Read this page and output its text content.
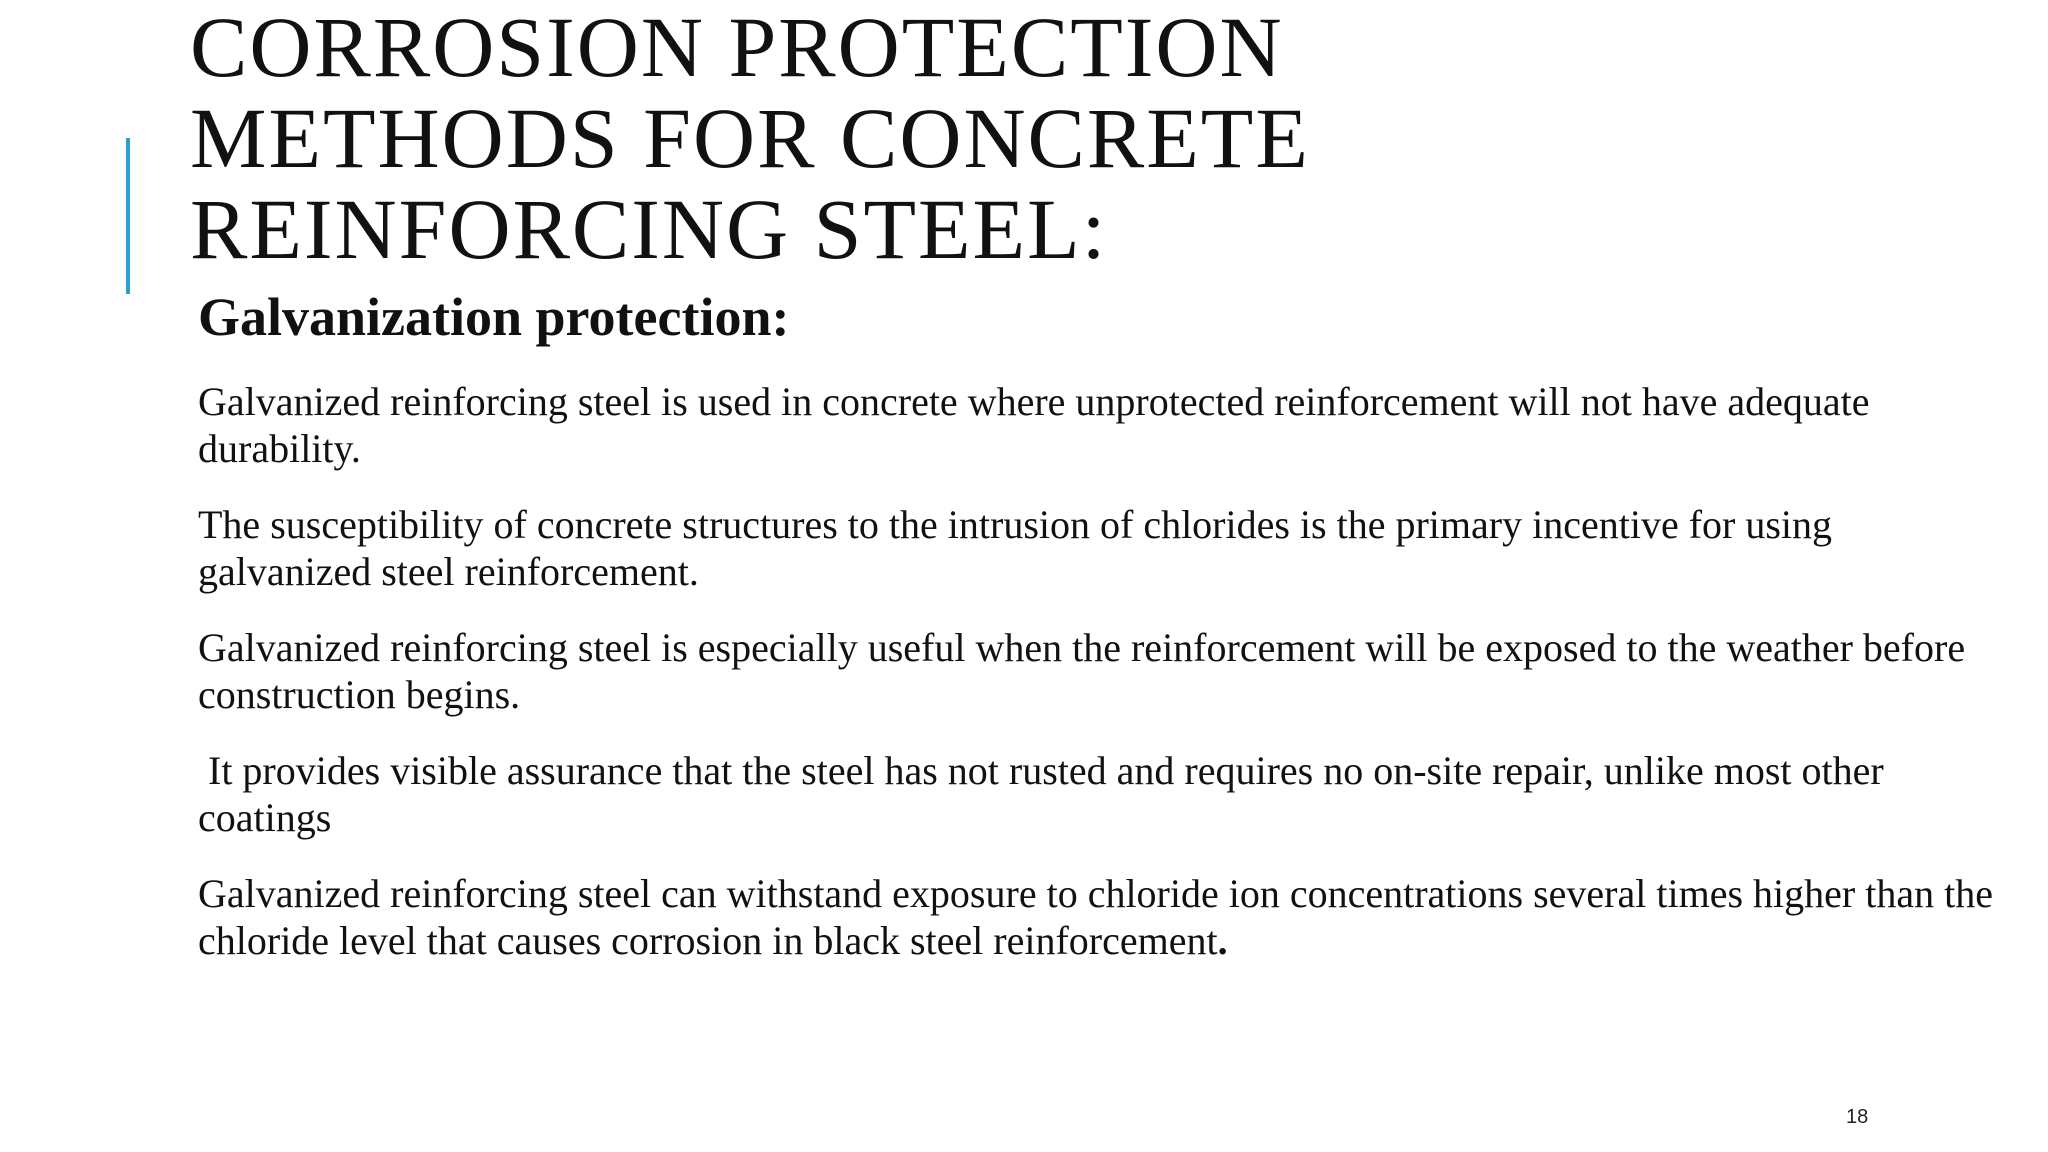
CORROSION PROTECTION
METHODS FOR CONCRETE
REINFORCING STEEL:

Galvanization protection:

Galvanized reinforcing steel is used in concrete where unprotected reinforcement will not have adequate durability.

The susceptibility of concrete structures to the intrusion of chlorides is the primary incentive for using galvanized steel reinforcement.

Galvanized reinforcing steel is especially useful when the reinforcement will be exposed to the weather before construction begins.

It provides visible assurance that the steel has not rusted and requires no on-site repair, unlike most other coatings

Galvanized reinforcing steel can withstand exposure to chloride ion concentrations several times higher than the chloride level that causes corrosion in black steel reinforcement.

18
